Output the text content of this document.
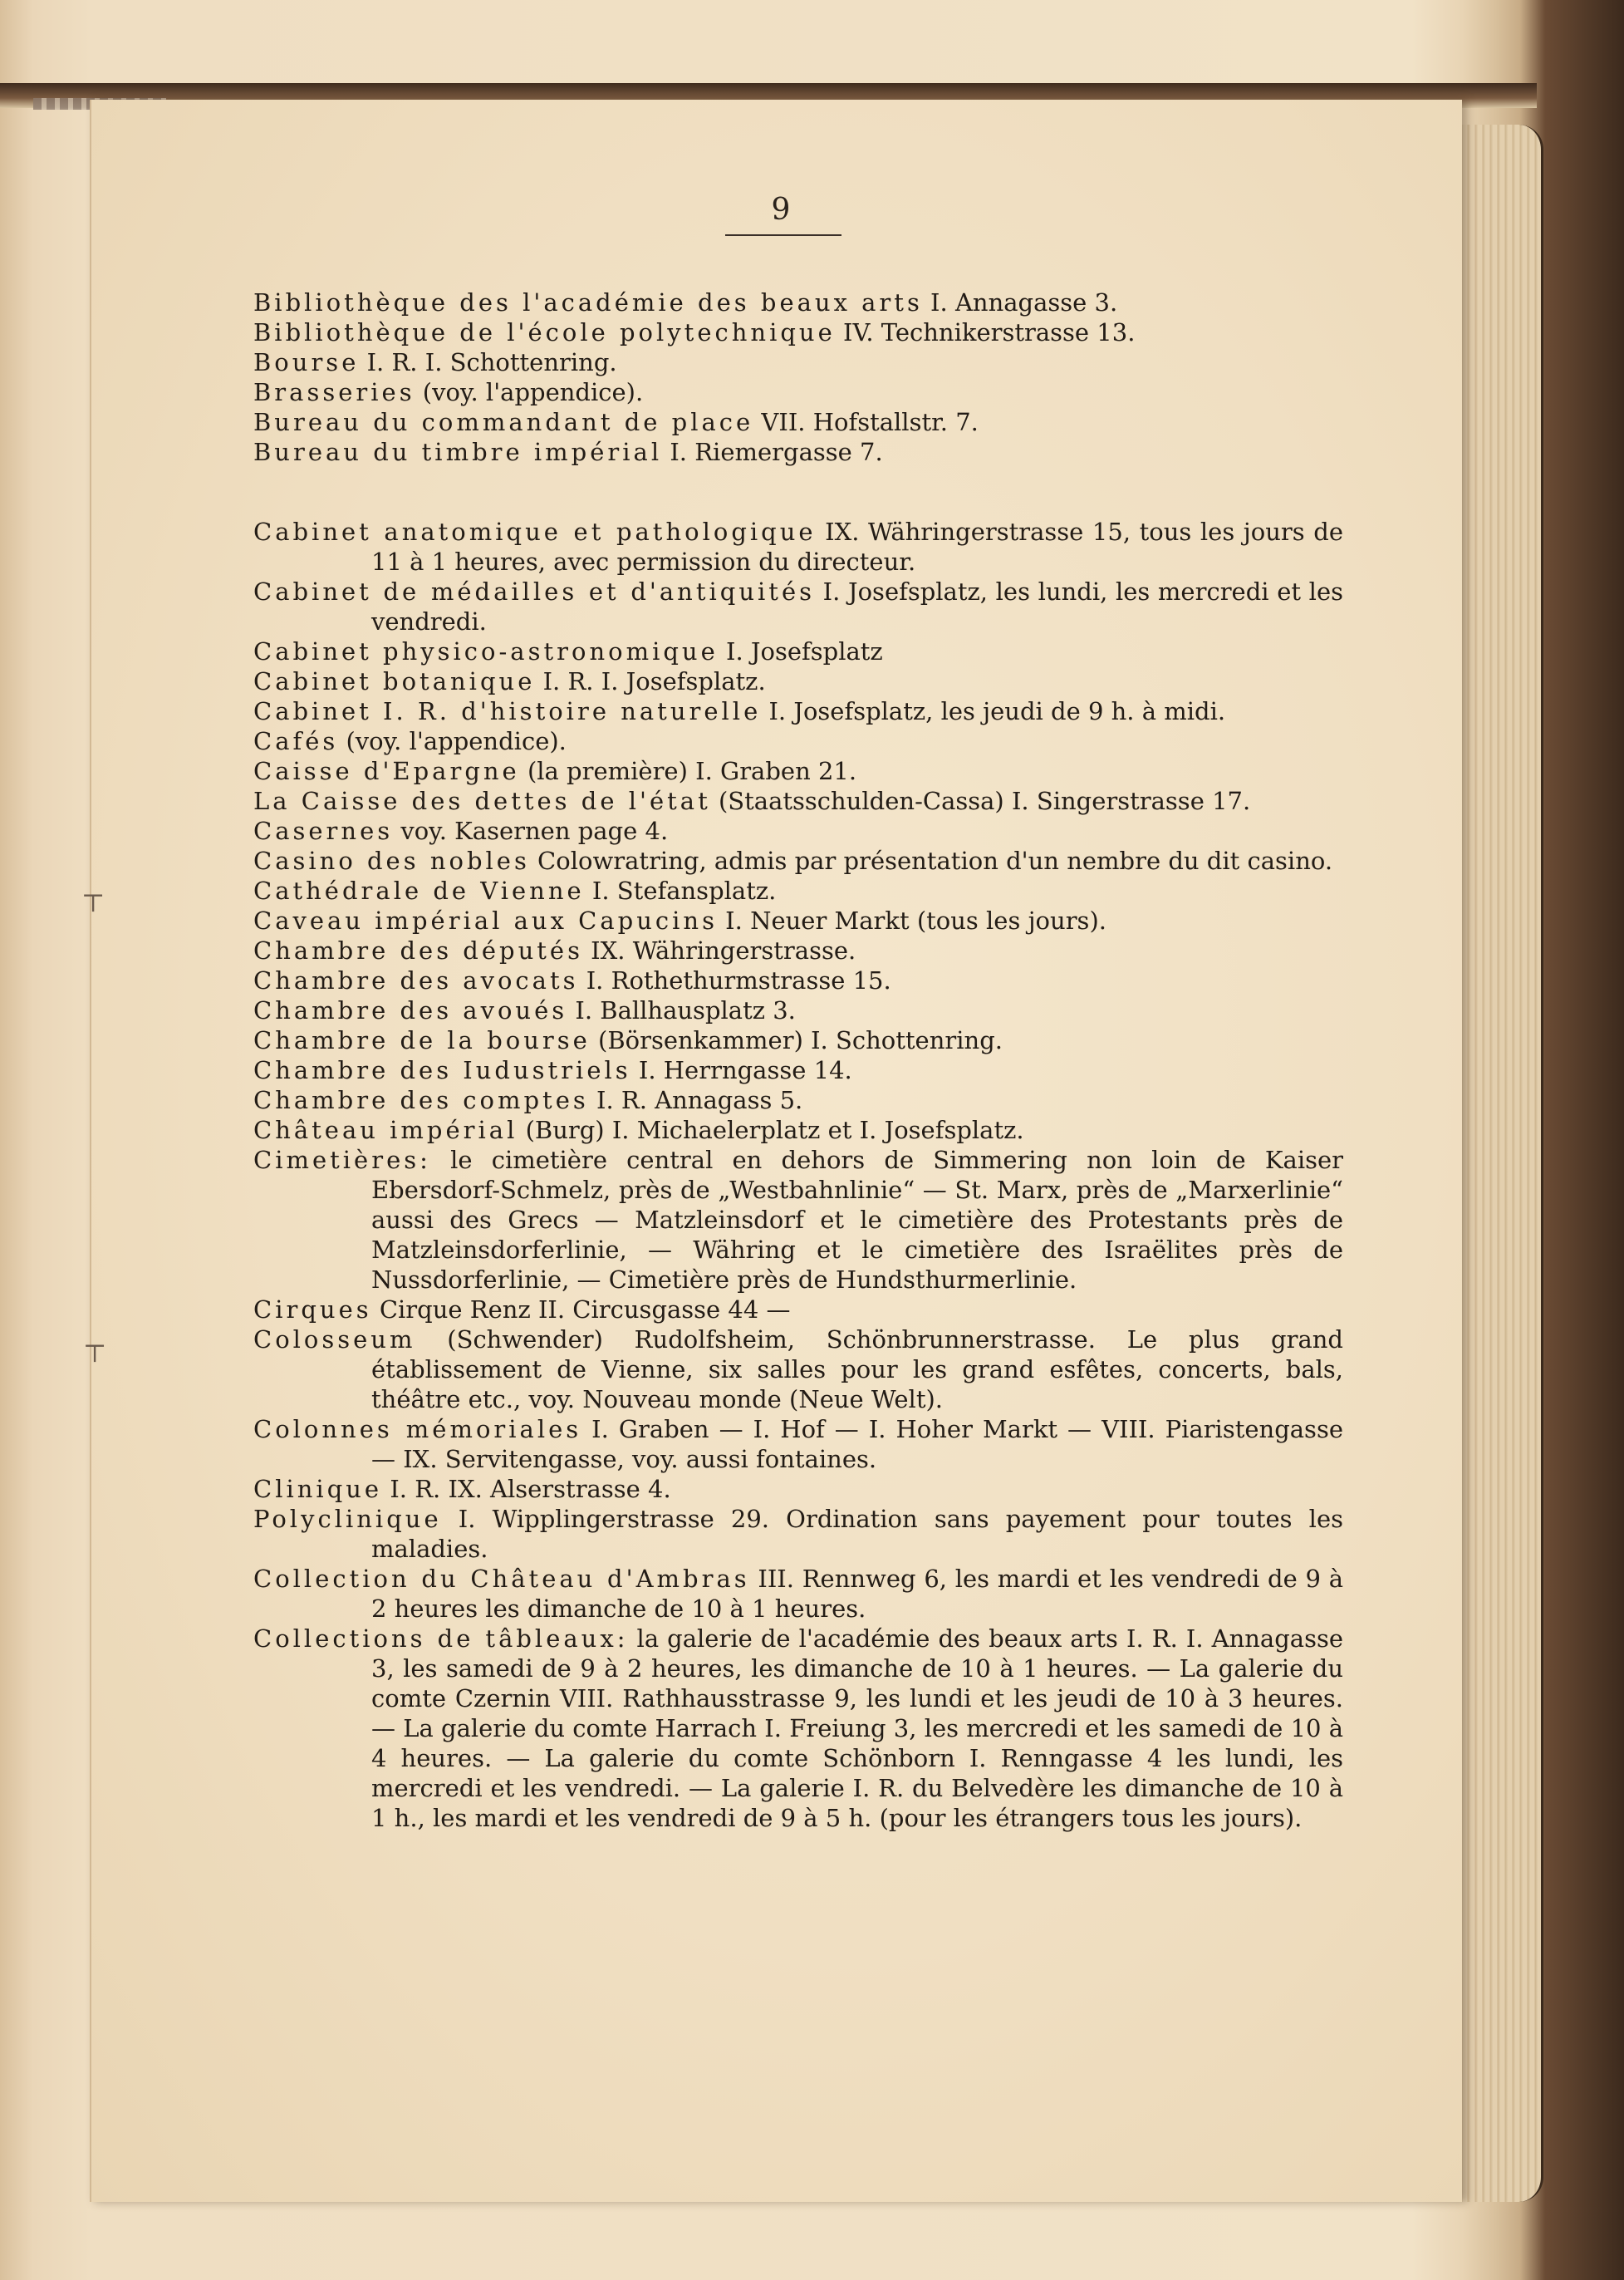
9
⊤
⊤

Bibliothèque des l'académie des beaux arts I. Annagasse 3.

Bibliothèque de l'école polytechnique IV. Technikerstrasse 13.

Bourse I. R. I. Schottenring.

Brasseries (voy. l'appendice).

Bureau du commandant de place VII. Hofstallstr. 7.

Bureau du timbre impérial I. Riemergasse 7.

Cabinet anatomique et pathologique IX. Währingerstrasse 15, tous les jours de 11 à 1 heures, avec permission du directeur.

Cabinet de médailles et d'antiquités I. Josefsplatz, les lundi, les mercredi et les vendredi.

Cabinet physico-astronomique I. Josefsplatz

Cabinet botanique I. R. I. Josefsplatz.

Cabinet I. R. d'histoire naturelle I. Josefsplatz, les jeudi de 9 h. à midi.

Cafés (voy. l'appendice).

Caisse d'Epargne (la première) I. Graben 21.

La Caisse des dettes de l'état (Staatsschulden-Cassa) I. Singerstrasse 17.

Casernes voy. Kasernen page 4.

Casino des nobles Colowratring, admis par présentation d'un nembre du dit casino.

Cathédrale de Vienne I. Stefansplatz.

Caveau impérial aux Capucins I. Neuer Markt (tous les jours).

Chambre des députés IX. Währingerstrasse.

Chambre des avocats I. Rothethurmstrasse 15.

Chambre des avoués I. Ballhausplatz 3.

Chambre de la bourse (Börsenkammer) I. Schottenring.

Chambre des Iudustriels I. Herrngasse 14.

Chambre des comptes I. R. Annagass 5.

Château impérial (Burg) I. Michaelerplatz et I. Josefsplatz.

Cimetières: le cimetière central en dehors de Simmering non loin de Kaiser Ebersdorf-Schmelz, près de „Westbahnlinie“ — St. Marx, près de „Marxerlinie“ aussi des Grecs — Matzleinsdorf et le cimetière des Protestants près de Matzleinsdorferlinie, — Währing et le cimetière des Israëlites près de Nussdorferlinie, — Cimetière près de Hundsthurmerlinie.

Cirques Cirque Renz II. Circusgasse 44 —

Colosseum (Schwender) Rudolfsheim, Schönbrunnerstrasse. Le plus grand établissement de Vienne, six salles pour les grand esfêtes, concerts, bals, théâtre etc., voy. Nouveau monde (Neue Welt).

Colonnes mémoriales I. Graben — I. Hof — I. Hoher Markt — VIII. Piaristengasse — IX. Servitengasse, voy. aussi fontaines.

Clinique I. R. IX. Alserstrasse 4.

Polyclinique I. Wipplingerstrasse 29. Ordination sans payement pour toutes les maladies.

Collection du Château d'Ambras III. Rennweg 6, les mardi et les vendredi de 9 à 2 heures les dimanche de 10 à 1 heures.

Collections de tâbleaux: la galerie de l'académie des beaux arts I. R. I. Annagasse 3, les samedi de 9 à 2 heures, les dimanche de 10 à 1 heures. — La galerie du comte Czernin VIII. Rathhausstrasse 9, les lundi et les jeudi de 10 à 3 heures. — La galerie du comte Harrach I. Freiung 3, les mercredi et les samedi de 10 à 4 heures. — La galerie du comte Schönborn I. Renngasse 4 les lundi, les mercredi et les vendredi. — La galerie I. R. du Belvedère les dimanche de 10 à 1 h., les mardi et les vendredi de 9 à 5 h. (pour les étrangers tous les jours).
